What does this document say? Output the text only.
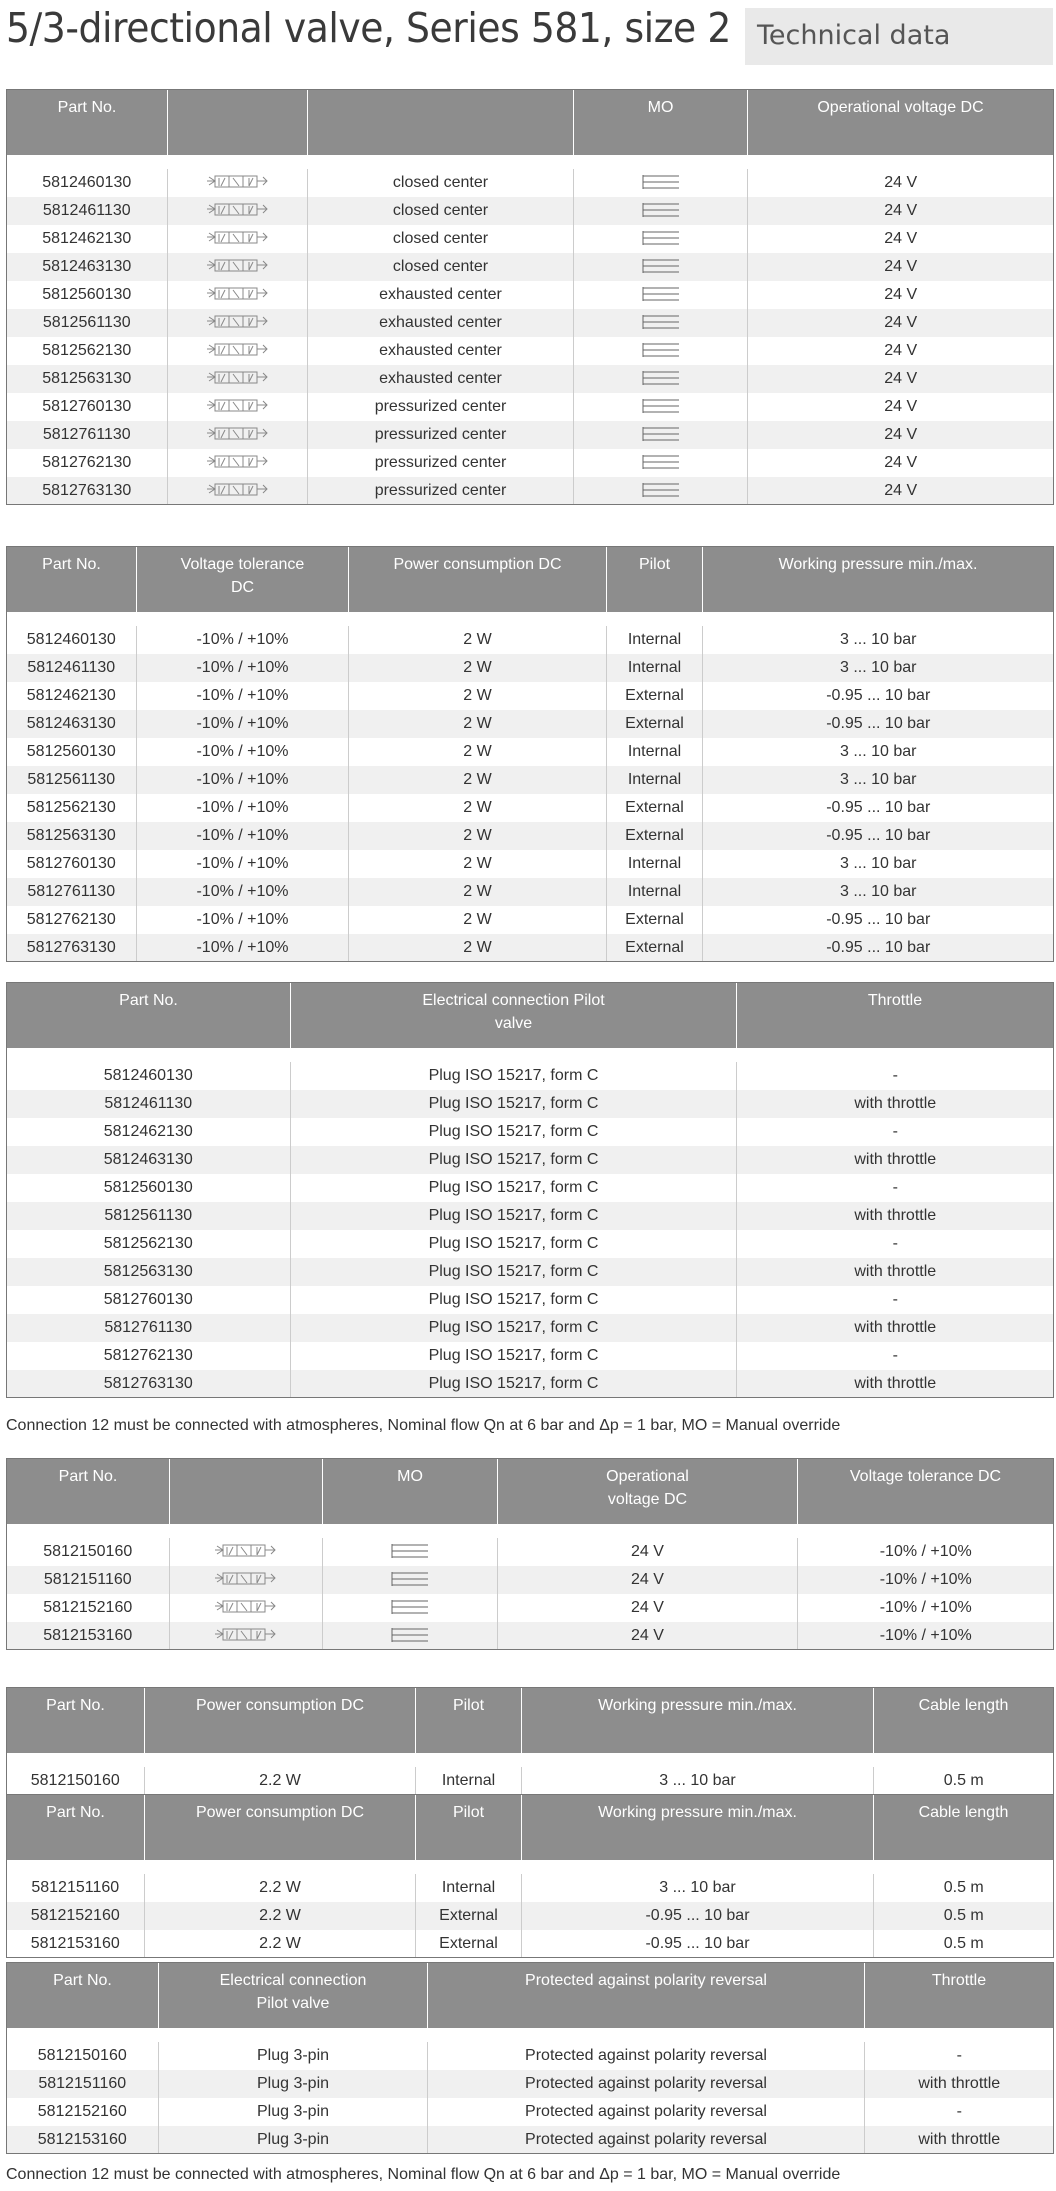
5/3-directional valve, Series 581, size 2 Technical data
Part No.			MO	Operational voltage DC
5812460130		closed center		24 V
5812461130		closed center		24 V
5812462130		closed center		24 V
5812463130		closed center		24 V
5812560130		exhausted center		24 V
5812561130		exhausted center		24 V
5812562130		exhausted center		24 V
5812563130		exhausted center		24 V
5812760130		pressurized center		24 V
5812761130		pressurized center		24 V
5812762130		pressurized center		24 V
5812763130		pressurized center		24 V
Part No.	Voltage tolerance DC	Power consumption DC	Pilot	Working pressure min./max.
5812460130	-10% / +10%	2 W	Internal	3 ... 10 bar
5812461130	-10% / +10%	2 W	Internal	3 ... 10 bar
5812462130	-10% / +10%	2 W	External	-0.95 ... 10 bar
5812463130	-10% / +10%	2 W	External	-0.95 ... 10 bar
5812560130	-10% / +10%	2 W	Internal	3 ... 10 bar
5812561130	-10% / +10%	2 W	Internal	3 ... 10 bar
5812562130	-10% / +10%	2 W	External	-0.95 ... 10 bar
5812563130	-10% / +10%	2 W	External	-0.95 ... 10 bar
5812760130	-10% / +10%	2 W	Internal	3 ... 10 bar
5812761130	-10% / +10%	2 W	Internal	3 ... 10 bar
5812762130	-10% / +10%	2 W	External	-0.95 ... 10 bar
5812763130	-10% / +10%	2 W	External	-0.95 ... 10 bar
Part No.	Electrical connection Pilot valve	Throttle
5812460130	Plug ISO 15217, form C	-
5812461130	Plug ISO 15217, form C	with throttle
5812462130	Plug ISO 15217, form C	-
5812463130	Plug ISO 15217, form C	with throttle
5812560130	Plug ISO 15217, form C	-
5812561130	Plug ISO 15217, form C	with throttle
5812562130	Plug ISO 15217, form C	-
5812563130	Plug ISO 15217, form C	with throttle
5812760130	Plug ISO 15217, form C	-
5812761130	Plug ISO 15217, form C	with throttle
5812762130	Plug ISO 15217, form C	-
5812763130	Plug ISO 15217, form C	with throttle
Connection 12 must be connected with atmospheres, Nominal flow Qn at 6 bar and Δp = 1 bar, MO = Manual override
Part No.		MO	Operational voltage DC	Voltage tolerance DC
5812150160			24 V	-10% / +10%
5812151160			24 V	-10% / +10%
5812152160			24 V	-10% / +10%
5812153160			24 V	-10% / +10%
Part No.	Power consumption DC	Pilot	Working pressure min./max.	Cable length
5812150160	2.2 W	Internal	3 ... 10 bar	0.5 m
Part No.	Power consumption DC	Pilot	Working pressure min./max.	Cable length
5812151160	2.2 W	Internal	3 ... 10 bar	0.5 m
5812152160	2.2 W	External	-0.95 ... 10 bar	0.5 m
5812153160	2.2 W	External	-0.95 ... 10 bar	0.5 m
Part No.	Electrical connection Pilot valve	Protected against polarity reversal	Throttle
5812150160	Plug 3-pin	Protected against polarity reversal	-
5812151160	Plug 3-pin	Protected against polarity reversal	with throttle
5812152160	Plug 3-pin	Protected against polarity reversal	-
5812153160	Plug 3-pin	Protected against polarity reversal	with throttle
Connection 12 must be connected with atmospheres, Nominal flow Qn at 6 bar and Δp = 1 bar, MO = Manual override
